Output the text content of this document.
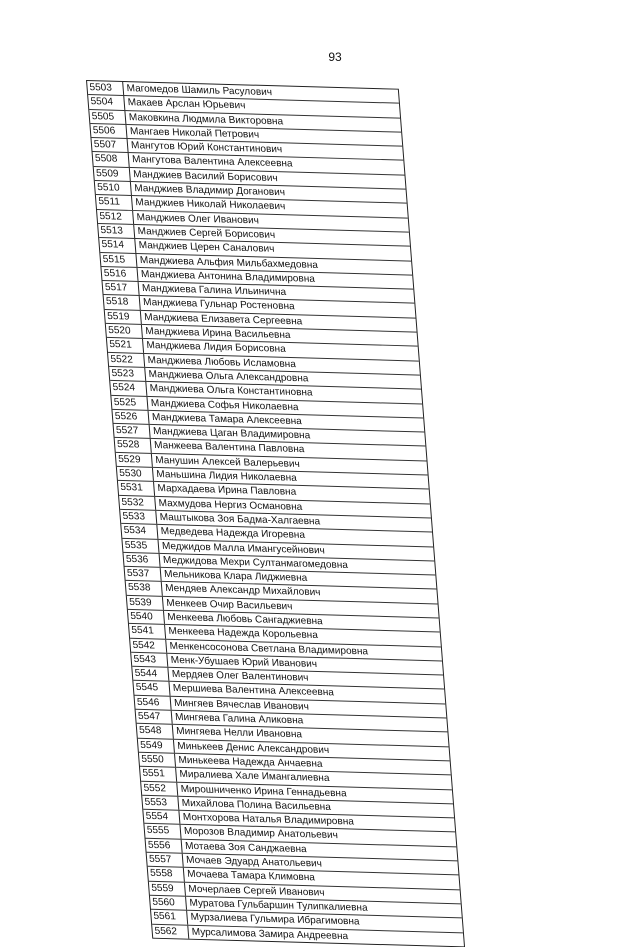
93
5503	Магомедов Шамиль Расулович
5504	Макаев Арслан Юрьевич
5505	Маковкина Людмила Викторовна
5506	Мангаев Николай Петрович
5507	Мангутов Юрий Константинович
5508	Мангутова Валентина Алексеевна
5509	Манджиев Василий Борисович
5510	Манджиев Владимир Доганович
5511	Манджиев Николай Николаевич
5512	Манджиев Олег Иванович
5513	Манджиев Сергей Борисович
5514	Манджиев Церен Саналович
5515	Манджиева Альфия Мильбахмедовна
5516	Манджиева Антонина Владимировна
5517	Манджиева Галина Ильинична
5518	Манджиева Гульнар Ростеновна
5519	Манджиева Елизавета Сергеевна
5520	Манджиева Ирина Васильевна
5521	Манджиева Лидия Борисовна
5522	Манджиева Любовь Исламовна
5523	Манджиева Ольга Александровна
5524	Манджиева Ольга Константиновна
5525	Манджиева Софья Николаевна
5526	Манджиева Тамара Алексеевна
5527	Манджиева Цаган Владимировна
5528	Манжеева Валентина Павловна
5529	Манушин Алексей Валерьевич
5530	Маньшина Лидия Николаевна
5531	Мархадаева Ирина Павловна
5532	Махмудова Нергиз Османовна
5533	Маштыкова Зоя Бадма-Халгаевна
5534	Медведева Надежда Игоревна
5535	Меджидов Малла Имангусейнович
5536	Меджидова Мехри Султанмагомедовна
5537	Мельникова Клара Лиджиевна
5538	Мендяев Александр Михайлович
5539	Менкеев Очир Васильевич
5540	Менкеева Любовь Сангаджиевна
5541	Менкеева Надежда Корольевна
5542	Менкенсосонова Светлана Владимировна
5543	Менк-Убушаев Юрий Иванович
5544	Мердяев Олег Валентинович
5545	Мершиева Валентина Алексеевна
5546	Мингяев Вячеслав Иванович
5547	Мингяева Галина Аликовна
5548	Мингяева Нелли Ивановна
5549	Минькеев Денис Александрович
5550	Минькеева Надежда Анчаевна
5551	Миралиева Хале Имангалиевна
5552	Мирошниченко Ирина Геннадьевна
5553	Михайлова Полина Васильевна
5554	Монтхорова Наталья Владимировна
5555	Морозов Владимир Анатольевич
5556	Мотаева Зоя Санджаевна
5557	Мочаев Эдуард Анатольевич
5558	Мочаева Тамара Климовна
5559	Мочерлаев Сергей Иванович
5560	Муратова Гульбаршин Тулипкалиевна
5561	Мурзалиева Гульмира Ибрагимовна
5562	Мурсалимова Замира Андреевна
